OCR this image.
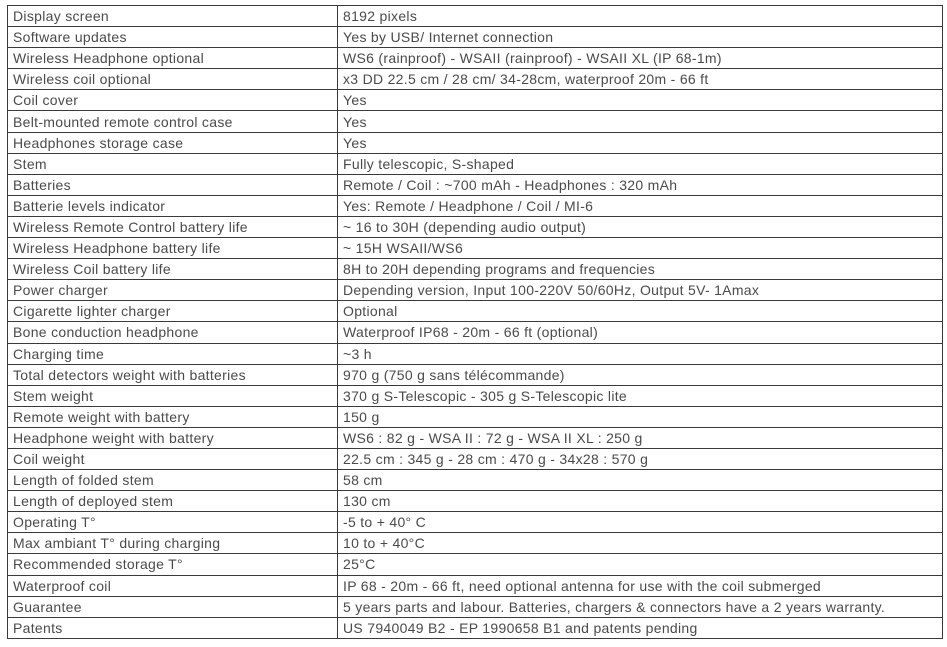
Display screen	8192 pixels
Software updates	Yes by USB/ Internet connection
Wireless Headphone optional	WS6 (rainproof) - WSAII (rainproof) - WSAII XL (IP 68-1m)
Wireless coil optional	x3 DD 22.5 cm / 28 cm/ 34-28cm, waterproof 20m - 66 ft
Coil cover	Yes
Belt-mounted remote control case	Yes
Headphones storage case	Yes
Stem	Fully telescopic, S-shaped
Batteries	Remote / Coil : ~700 mAh - Headphones : 320 mAh
Batterie levels indicator	Yes: Remote / Headphone / Coil / MI-6
Wireless Remote Control battery life	~ 16 to 30H (depending audio output)
Wireless Headphone battery life	~ 15H WSAII/WS6
Wireless Coil battery life	8H to 20H depending programs and frequencies
Power charger	Depending version, Input 100-220V 50/60Hz, Output 5V- 1Amax
Cigarette lighter charger	Optional
Bone conduction headphone	Waterproof IP68 - 20m - 66 ft (optional)
Charging time	~3 h
Total detectors weight with batteries	970 g (750 g sans télécommande)
Stem weight	370 g S-Telescopic - 305 g S-Telescopic lite
Remote weight with battery	150 g
Headphone weight with battery	WS6 : 82 g - WSA II : 72 g - WSA II XL : 250 g
Coil weight	22.5 cm : 345 g - 28 cm : 470 g - 34x28 : 570 g
Length of folded stem	58 cm
Length of deployed stem	130 cm
Operating T°	-5 to + 40° C
Max ambiant T° during charging	10 to + 40°C
Recommended storage T°	25°C
Waterproof coil	IP 68 - 20m - 66 ft, need optional antenna for use with the coil submerged
Guarantee	5 years parts and labour. Batteries, chargers & connectors have a 2 years warranty.
Patents	US 7940049 B2 - EP 1990658 B1 and patents pending
